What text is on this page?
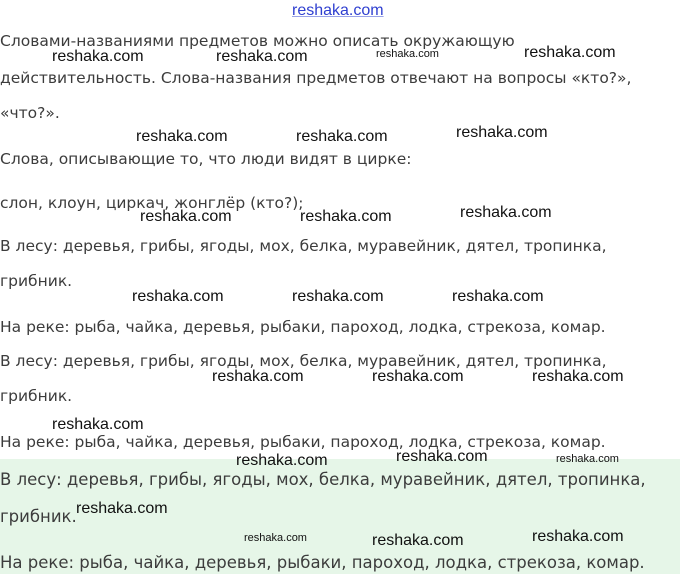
reshaka.com

Словами-названиями предметов можно описать окружающую

действительность. Слова-названия предметов отвечают на вопросы «кто?»,

«что?».

Слова, описывающие то, что люди видят в цирке:

слон, клоун, циркач, жонглёр (кто?);

В лесу: деревья, грибы, ягоды, мох, белка, муравейник, дятел, тропинка,

грибник.

На реке: рыба, чайка, деревья, рыбаки, пароход, лодка, стрекоза, комар.

В лесу: деревья, грибы, ягоды, мох, белка, муравейник, дятел, тропинка,

грибник.

На реке: рыба, чайка, деревья, рыбаки, пароход, лодка, стрекоза, комар.

В лесу: деревья, грибы, ягоды, мох, белка, муравейник, дятел, тропинка,

грибник.

На реке: рыба, чайка, деревья, рыбаки, пароход, лодка, стрекоза, комар.

reshaka.com	reshaka.com	reshaka.com	reshaka.com
reshaka.com	reshaka.com	reshaka.com
reshaka.com	reshaka.com	reshaka.com
reshaka.com	reshaka.com	reshaka.com
reshaka.com	reshaka.com	reshaka.com
reshaka.com
reshaka.com	reshaka.com	reshaka.com
reshaka.com
reshaka.com	reshaka.com	reshaka.com
